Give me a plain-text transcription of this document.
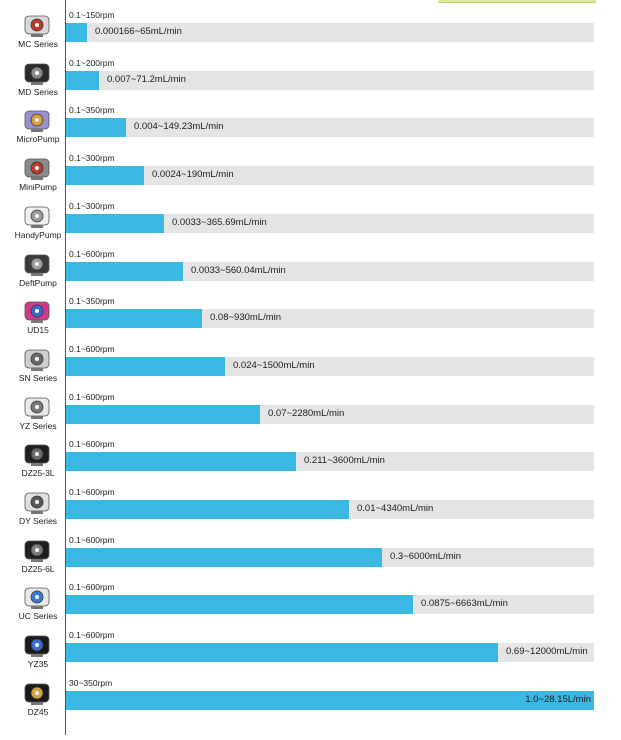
MC Series
0.1~150rpm
0.000166~65mL/min
MD Series
0.1~200rpm
0.007~71.2mL/min
MicroPump
0.1~350rpm
0.004~149.23mL/min
MiniPump
0.1~300rpm
0.0024~190mL/min
HandyPump
0.1~300rpm
0.0033~365.69mL/min
DeftPump
0.1~600rpm
0.0033~560.04mL/min
UD15
0.1~350rpm
0.08~930mL/min
SN Series
0.1~600rpm
0.024~1500mL/min
YZ Series
0.1~600rpm
0.07~2280mL/min
DZ25-3L
0.1~600rpm
0.211~3600mL/min
DY Series
0.1~600rpm
0.01~4340mL/min
DZ25-6L
0.1~600rpm
0.3~6000mL/min
UC Series
0.1~600rpm
0.0875~6663mL/min
YZ35
0.1~600rpm
0.69~12000mL/min
DZ45
30~350rpm
1.0~28.15L/min
